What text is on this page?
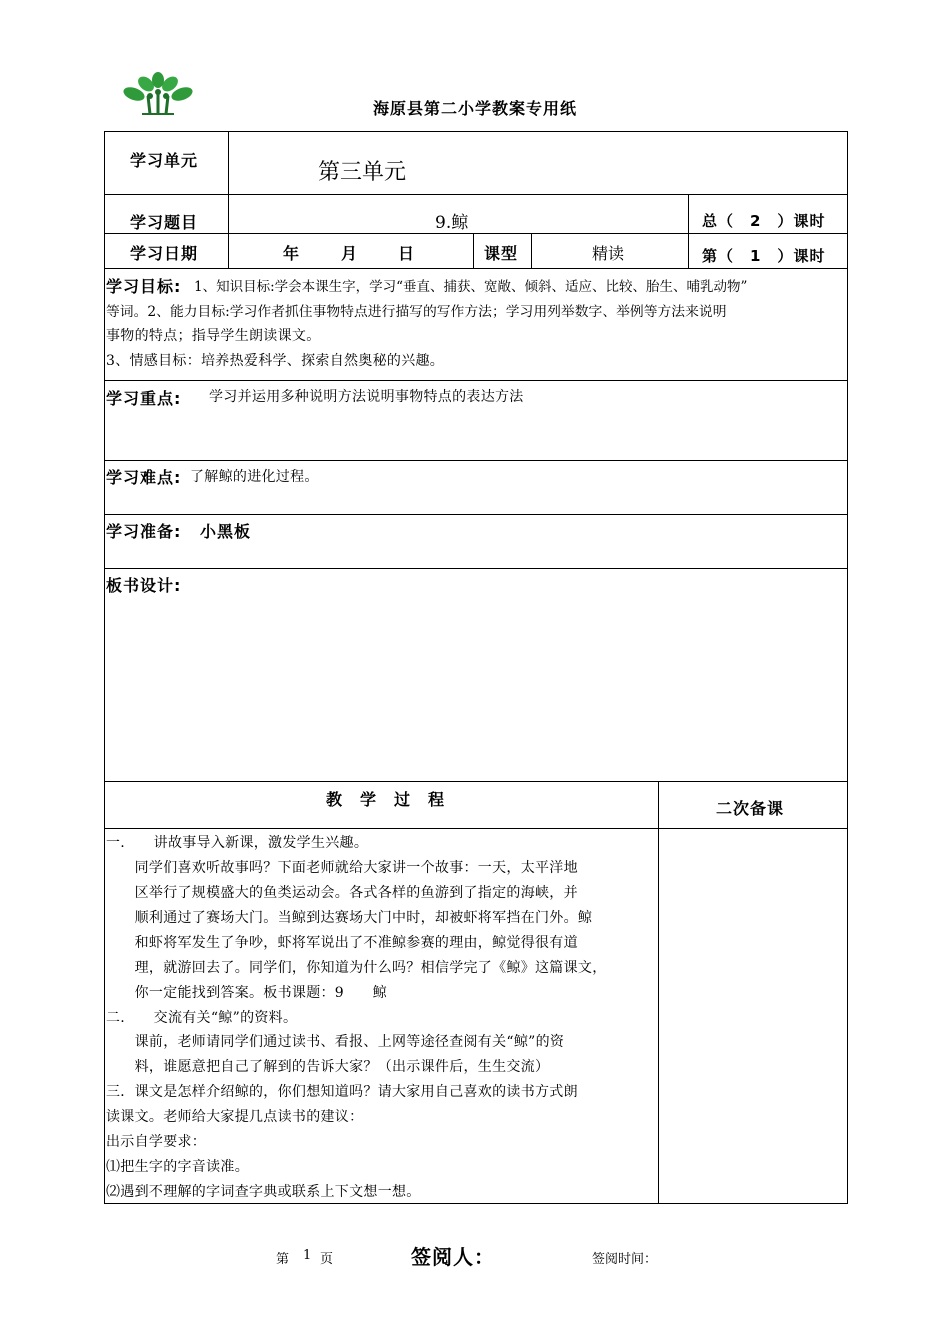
海原县第二小学教案专用纸
学习单元	第三单元
学习题目	9.鲸	总（　2　）课时
学习日期	年	月 日	课型	精读	第（　1　）课时
学习目标: 1、知识目标:学会本课生字，学习“垂直、捕获、宽敞、倾斜、适应、比较、胎生、哺乳动物”
等词。2、能力目标:学习作者抓住事物特点进行描写的写作方法；学习用列举数字、举例等方法来说明
事物的特点；指导学生朗读课文。
3、情感目标：培养热爱科学、探索自然奥秘的兴趣。
学习重点: 学习并运用多种说明方法说明事物特点的表达方法
学习难点: 了解鲸的进化过程。
学习准备: 小黑板
板书设计:
教　学　过　程	二次备课
一.　　讲故事导入新课，激发学生兴趣。
　　同学们喜欢听故事吗？下面老师就给大家讲一个故事：一天，太平洋地
　　区举行了规模盛大的鱼类运动会。各式各样的鱼游到了指定的海峡，并
　　顺利通过了赛场大门。当鲸到达赛场大门中时，却被虾将军挡在门外。鲸
　　和虾将军发生了争吵，虾将军说出了不准鲸参赛的理由，鲸觉得很有道
　　理，就游回去了。同学们，你知道为什么吗？相信学完了《鲸》这篇课文，
　　你一定能找到答案。板书课题：9　　鲸
二.　　交流有关“鲸”的资料。
　　课前，老师请同学们通过读书、看报、上网等途径查阅有关“鲸”的资
　　料，谁愿意把自己了解到的告诉大家？（出示课件后，生生交流）
三．课文是怎样介绍鲸的，你们想知道吗？请大家用自己喜欢的读书方式朗
读课文。老师给大家提几点读书的建议：
出示自学要求：
⑴把生字的字音读准。
⑵遇到不理解的字词查字典或联系上下文想一想。
第 1 页	签阅人：	签阅时间：
